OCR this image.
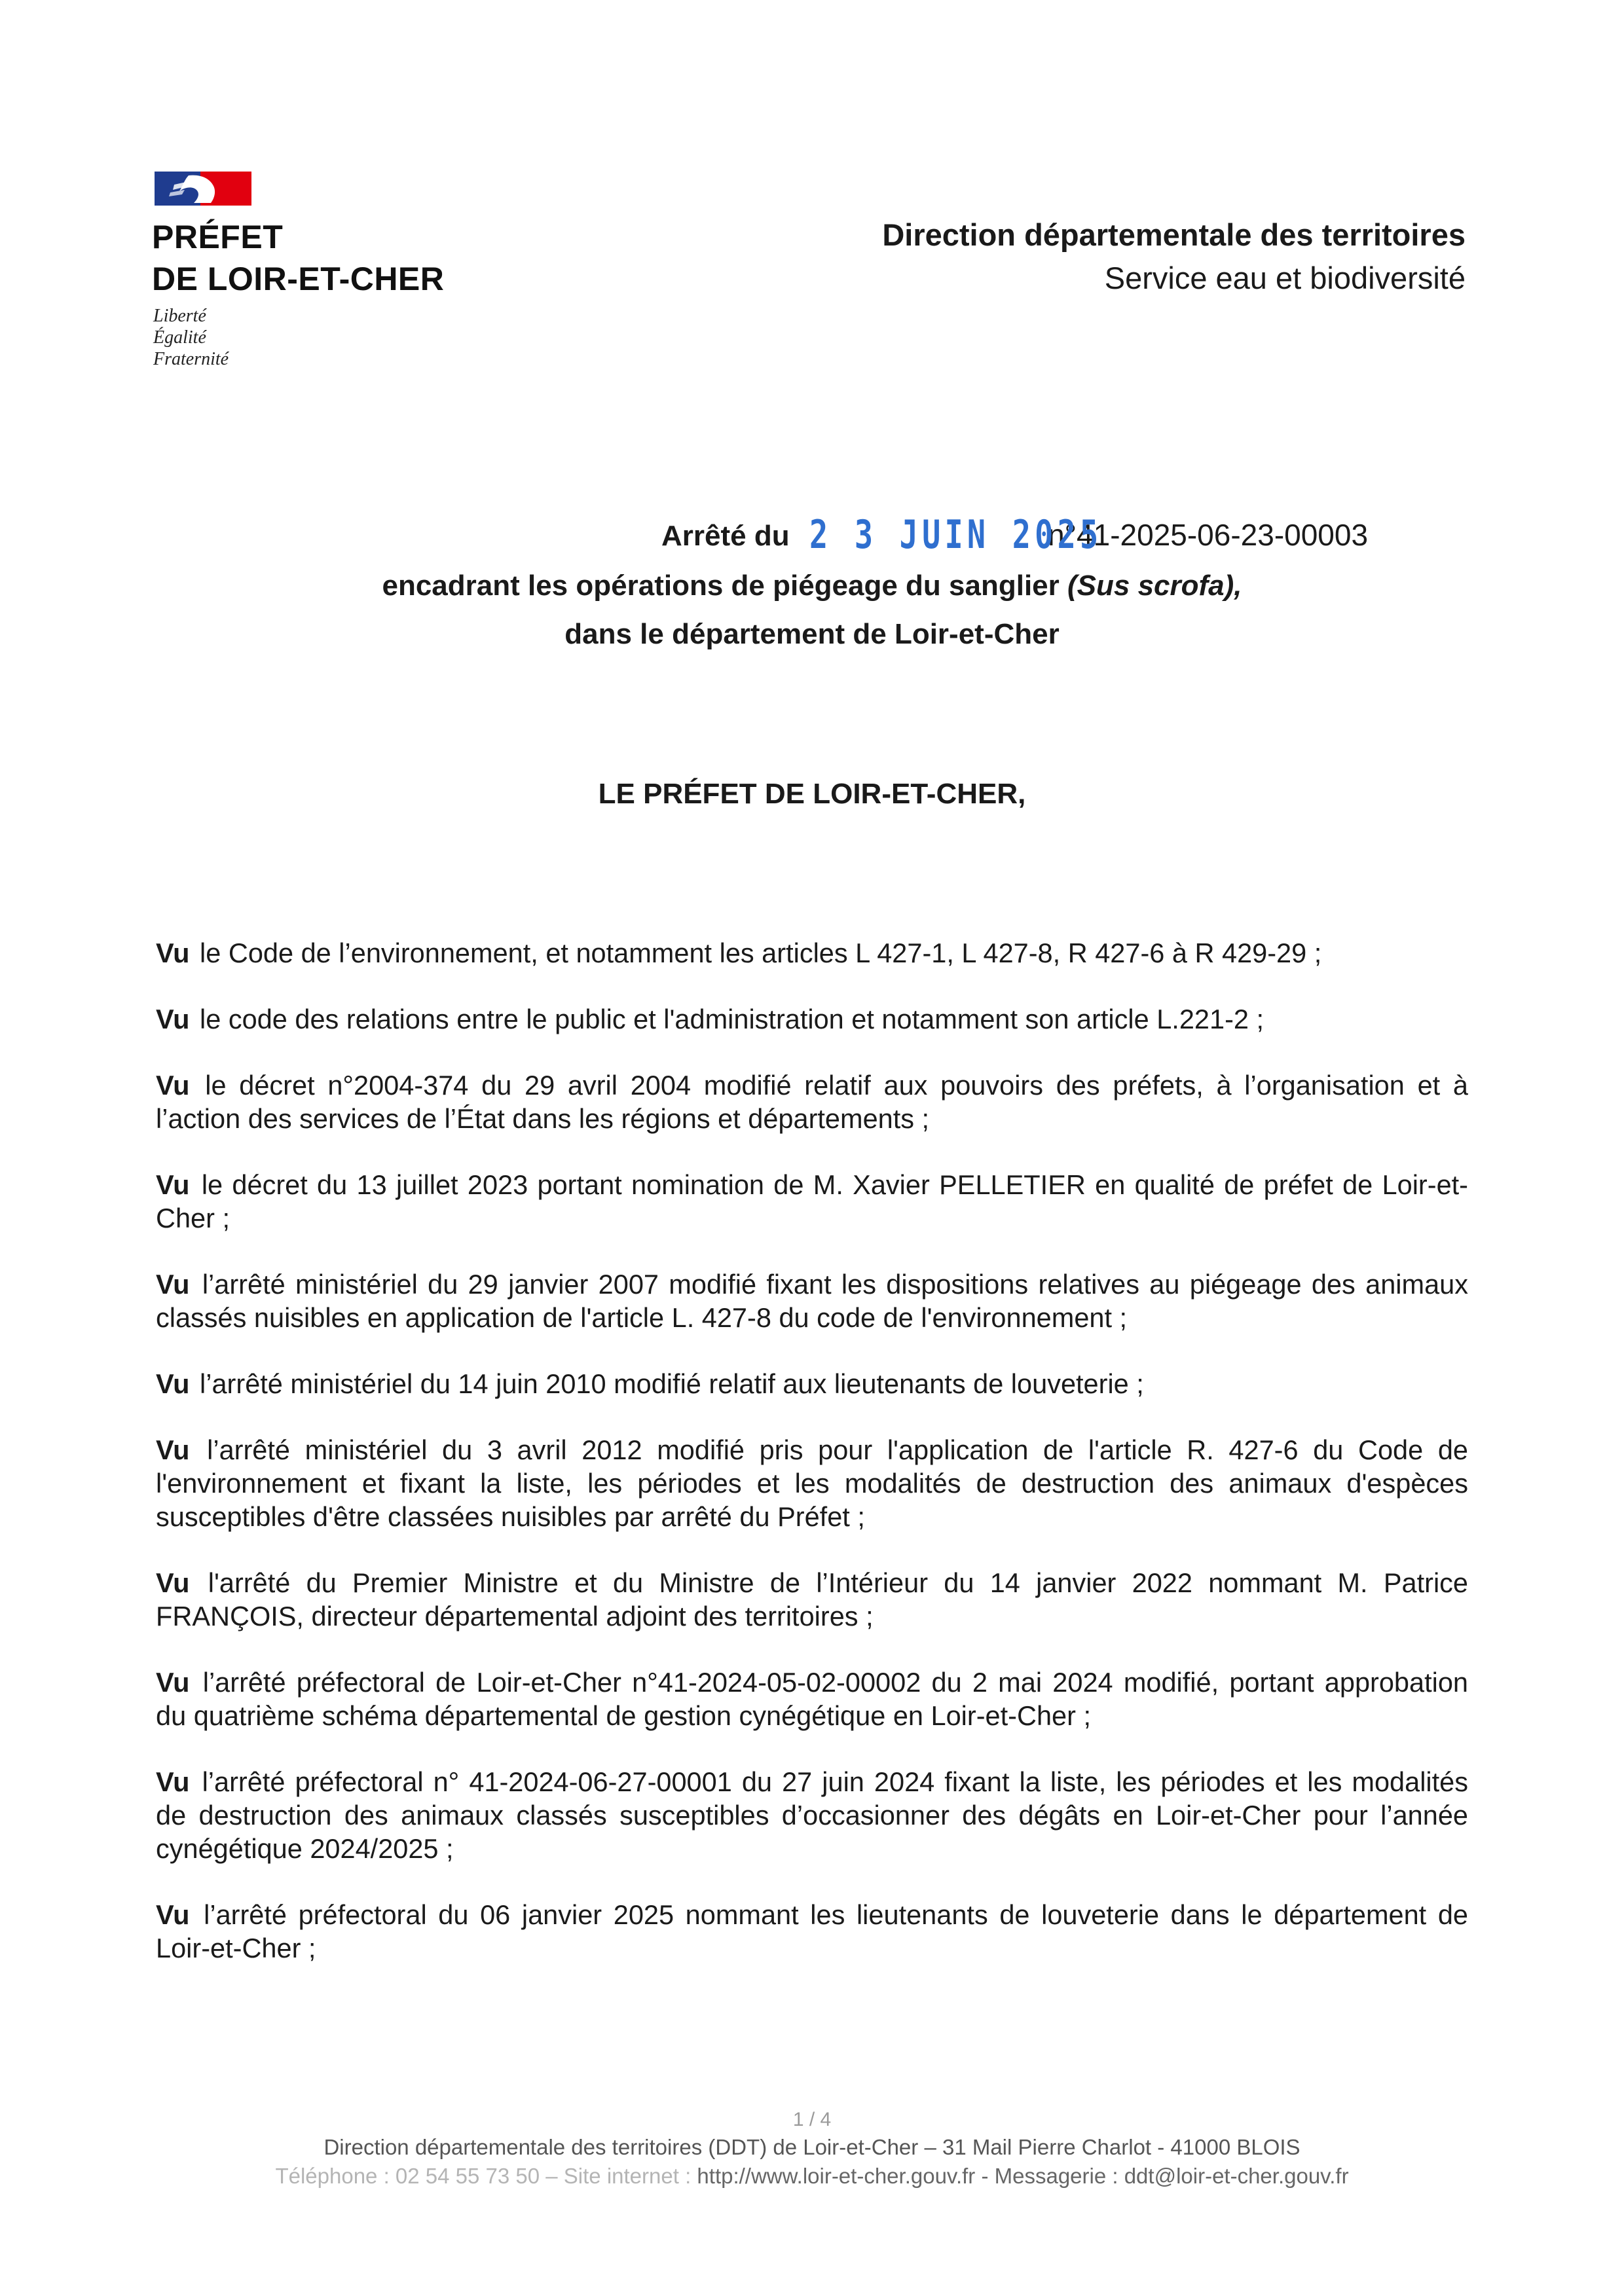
PRÉFET
DE LOIR-ET-CHER
Liberté
Égalité
Fraternité
Direction départementale des territoires
Service eau et biodiversité
Arrêté du 2 3 JUIN 2025 n°41-2025-06-23-00003
encadrant les opérations de piégeage du sanglier (Sus scrofa),
dans le département de Loir-et-Cher
LE PRÉFET DE LOIR-ET-CHER,

Vu le Code de l’environnement, et notamment les articles L 427-1, L 427-8, R 427-6 à R 429-29 ;

Vu le code des relations entre le public et l'administration et notamment son article L.221-2 ;

Vu le décret n°2004-374 du 29 avril 2004 modifié relatif aux pouvoirs des préfets, à l’organisation et à l’action des services de l’État dans les régions et départements ;

Vu le décret du 13 juillet 2023 portant nomination de M. Xavier PELLETIER en qualité de préfet de Loir-et-Cher ;

Vu l’arrêté ministériel du 29 janvier 2007 modifié fixant les dispositions relatives au piégeage des animaux classés nuisibles en application de l'article L. 427-8 du code de l'environnement ;

Vu l’arrêté ministériel du 14 juin 2010 modifié relatif aux lieutenants de louveterie ;

Vu l’arrêté ministériel du 3 avril 2012 modifié pris pour l'application de l'article R. 427-6 du Code de l'environnement et fixant la liste, les périodes et les modalités de destruction des animaux d'espèces susceptibles d'être classées nuisibles par arrêté du Préfet ;

Vu l'arrêté du Premier Ministre et du Ministre de l’Intérieur du 14 janvier 2022 nommant M. Patrice FRANÇOIS, directeur départemental adjoint des territoires ;

Vu l’arrêté préfectoral de Loir-et-Cher n°41-2024-05-02-00002 du 2 mai 2024 modifié, portant approbation du quatrième schéma départemental de gestion cynégétique en Loir-et-Cher ;

Vu l’arrêté préfectoral n° 41-2024-06-27-00001 du 27 juin 2024 fixant la liste, les périodes et les modalités de destruction des animaux classés susceptibles d’occasionner des dégâts en Loir-et-Cher pour l’année cynégétique 2024/2025 ;

Vu l’arrêté préfectoral du 06 janvier 2025 nommant les lieutenants de louveterie dans le département de Loir-et-Cher ;

1 / 4
Direction départementale des territoires (DDT) de Loir-et-Cher – 31 Mail Pierre Charlot - 41000 BLOIS
Téléphone : 02 54 55 73 50 – Site internet : http://www.loir-et-cher.gouv.fr - Messagerie : ddt@loir-et-cher.gouv.fr
